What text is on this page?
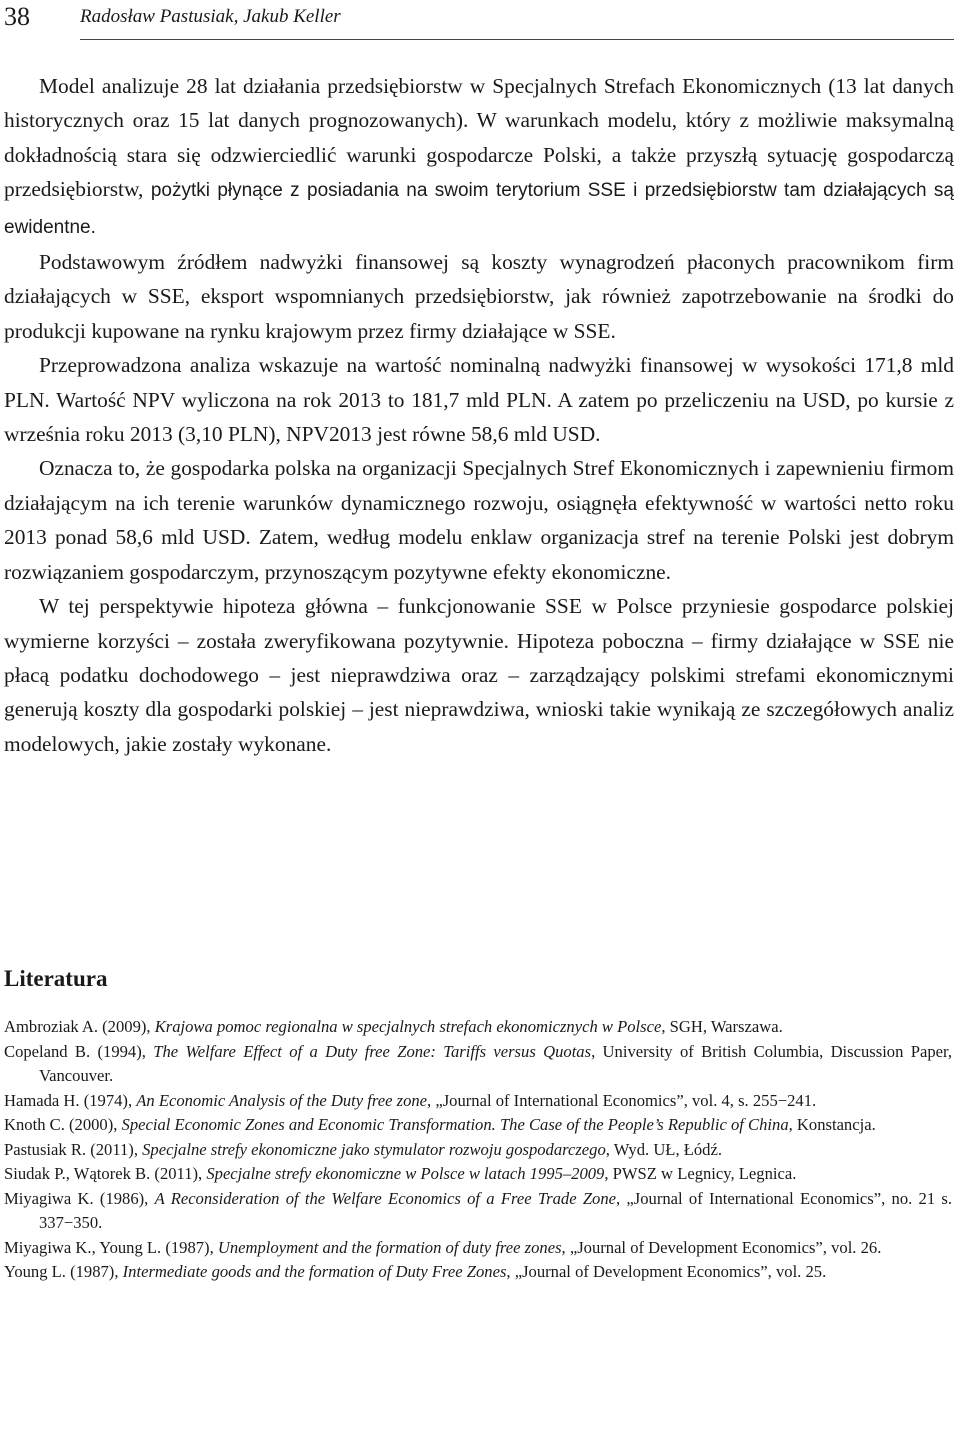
38	Radosław Pastusiak, Jakub Keller

Model analizuje 28 lat działania przedsiębiorstw w Specjalnych Strefach Ekonomicznych (13 lat danych historycznych oraz 15 lat danych prognozowanych). W warunkach modelu, który z możliwie maksymalną dokładnością stara się odzwierciedlić warunki gospodarcze Polski, a także przyszłą sytuację gospodarczą przedsiębiorstw, pożytki płynące z posiadania na swoim terytorium SSE i przedsiębiorstw tam działających są ewidentne.

Podstawowym źródłem nadwyżki finansowej są koszty wynagrodzeń płaconych pracownikom firm działających w SSE, eksport wspomnianych przedsiębiorstw, jak również zapotrzebowanie na środki do produkcji kupowane na rynku krajowym przez firmy działające w SSE.

Przeprowadzona analiza wskazuje na wartość nominalną nadwyżki finansowej w wysokości 171,8 mld PLN. Wartość NPV wyliczona na rok 2013 to 181,7 mld PLN. A zatem po przeliczeniu na USD, po kursie z września roku 2013 (3,10 PLN), NPV2013 jest równe 58,6 mld USD.

Oznacza to, że gospodarka polska na organizacji Specjalnych Stref Ekonomicznych i zapewnieniu firmom działającym na ich terenie warunków dynamicznego rozwoju, osiągnęła efektywność w wartości netto roku 2013 ponad 58,6 mld USD. Zatem, według modelu enklaw organizacja stref na terenie Polski jest dobrym rozwiązaniem gospodarczym, przynoszącym pozytywne efekty ekonomiczne.

W tej perspektywie hipoteza główna – funkcjonowanie SSE w Polsce przyniesie gospodarce polskiej wymierne korzyści – została zweryfikowana pozytywnie. Hipoteza poboczna – firmy działające w SSE nie płacą podatku dochodowego – jest nieprawdziwa oraz – zarządzający polskimi strefami ekonomicznymi generują koszty dla gospodarki polskiej – jest nieprawdziwa, wnioski takie wynikają ze szczegółowych analiz modelowych, jakie zostały wykonane.

Literatura
Ambroziak A. (2009), Krajowa pomoc regionalna w specjalnych strefach ekonomicznych w Polsce, SGH, Warszawa.
Copeland B. (1994), The Welfare Effect of a Duty free Zone: Tariffs versus Quotas, University of British Columbia, Discussion Paper, Vancouver.
Hamada H. (1974), An Economic Analysis of the Duty free zone, „Journal of International Economics”, vol. 4, s. 255−241.
Knoth C. (2000), Special Economic Zones and Economic Transformation. The Case of the People’s Republic of China, Konstancja.
Pastusiak R. (2011), Specjalne strefy ekonomiczne jako stymulator rozwoju gospodarczego, Wyd. UŁ, Łódź.
Siudak P., Wątorek B. (2011), Specjalne strefy ekonomiczne w Polsce w latach 1995–2009, PWSZ w Legnicy, Legnica.
Miyagiwa K. (1986), A Reconsideration of the Welfare Economics of a Free Trade Zone, „Journal of International Economics”, no. 21 s. 337−350.
Miyagiwa K., Young L. (1987), Unemployment and the formation of duty free zones, „Journal of Development Economics”, vol. 26.
Young L. (1987), Intermediate goods and the formation of Duty Free Zones, „Journal of Development Economics”, vol. 25.
